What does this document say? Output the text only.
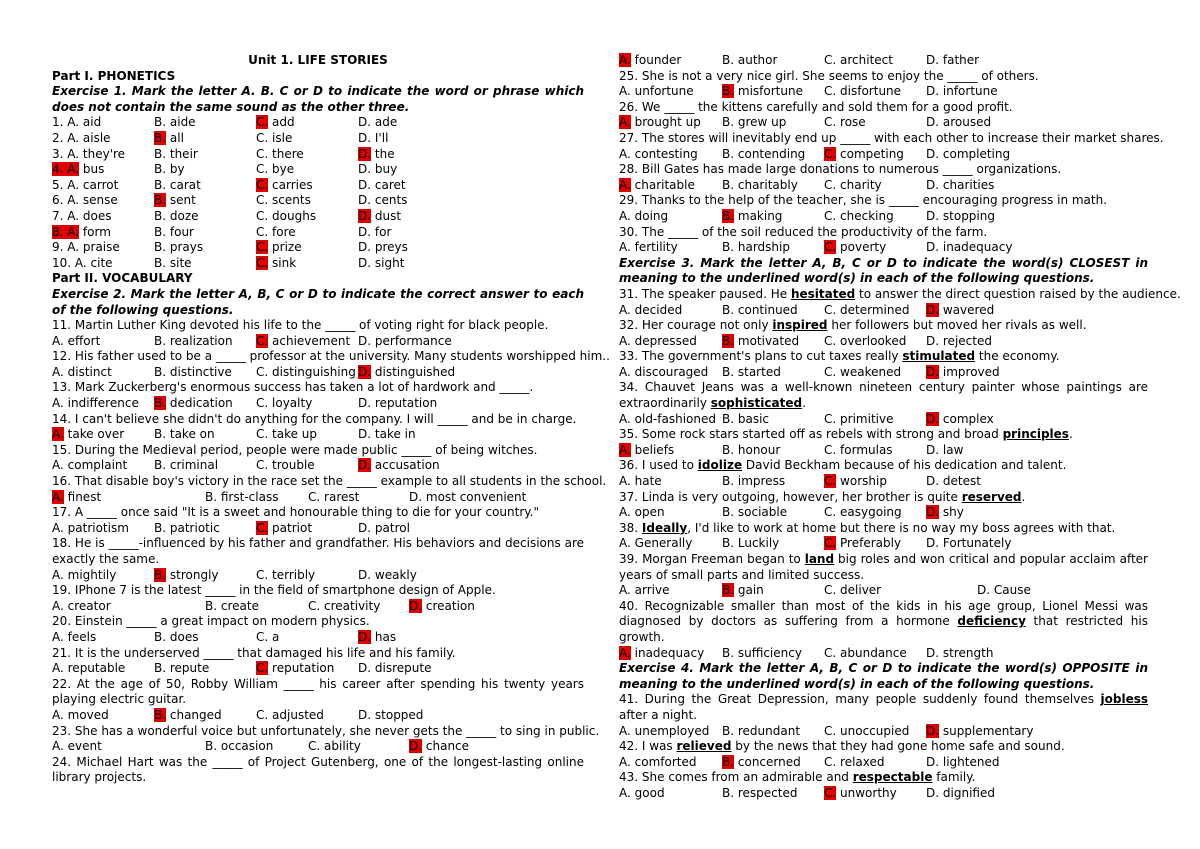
Unit 1. LIFE STORIES
Part I. PHONETICS
Exercise 1. Mark the letter A. B. C or D to indicate the word or phrase which does not contain the same sound as the other three.
1. A. aid	B. aide	C. add	D. ade
2. A. aisle	B. all	C. isle	D. I'll
3. A. they're B. their	C. there	D. the
4. A. bus	B. by	C. bye	D. buy
5. A. carrot	B. carat	C. carries	D. caret
6. A. sense	B. sent	C. scents	D. cents
7. A. does	B. doze	C. doughs	D. dust
8. A. form	B. four	C. fore	D. for
9. A. praise	B. prays	C. prize	D. preys
10. A. cite	B. site	C. sink	D. sight
Part II. VOCABULARY
Exercise 2. Mark the letter A, B, C or D to indicate the correct answer to each of the following questions.
11. Martin Luther King devoted his life to the _____ of voting right for black people.
A. effort	B. realization C. achievement D. performance
12. His father used to be a _____ professor at the university. Many students worshipped him..
A. distinct	B. distinctive C. distinguishing D. distinguished
13. Mark Zuckerberg's enormous success has taken a lot of hardwork and _____.
A. indifference B. dedication C. loyalty	D. reputation
14. I can't believe she didn't do anything for the company. I will _____ and be in charge.
A. take over B. take on	C. take up	D. take in
15. During the Medieval period, people were made public _____ of being witches.
A. complaint B. criminal	C. trouble	D. accusation
16. That disable boy's victory in the race set the _____ example to all students in the school.
A. finest	B. first-class C. rarest	D. most convenient
17. A _____ once said "It is a sweet and honourable thing to die for your country."
A. patriotism B. patriotic	C. patriot	D. patrol
18. He is _____-influenced by his father and grandfather. His behaviors and decisions are exactly the same.
A. mightily	B. strongly	C. terribly	D. weakly
19. IPhone 7 is the latest _____ in the field of smartphone design of Apple.
A. creator	B. create	C. creativity D. creation
20. Einstein _____ a great impact on modern physics.
A. feels	B. does	C. a	D. has
21. It is the underserved _____ that damaged his life and his family.
A. reputable B. repute	C. reputation D. disrepute
22. At the age of 50, Robby William _____ his career after spending his twenty years playing electric guitar.
A. moved	B. changed	C. adjusted	D. stopped
23. She has a wonderful voice but unfortunately, she never gets the _____ to sing in public.
A. event	B. occasion	C. ability	D. chance
24. Michael Hart was the _____ of Project Gutenberg, one of the longest-lasting online library projects.
A. founder	B. author	C. architect	D. father
25. She is not a very nice girl. She seems to enjoy the _____ of others.
A. unfortune B. misfortune C. disfortune D. infortune
26. We _____ the kittens carefully and sold them for a good profit.
A. brought up B. grew up	C. rose	D. aroused
27. The stores will inevitably end up _____ with each other to increase their market shares.
A. contesting B. contending C. competing D. completing
28. Bill Gates has made large donations to numerous _____ organizations.
A. charitable B. charitably C. charity	D. charities
29. Thanks to the help of the teacher, she is _____ encouraging progress in math.
A. doing	B. making	C. checking	D. stopping
30. The _____ of the soil reduced the productivity of the farm.
A. fertility	B. hardship	C. poverty	D. inadequacy
Exercise 3. Mark the letter A, B, C or D to indicate the word(s) CLOSEST in meaning to the underlined word(s) in each of the following questions.
31. The speaker paused. He hesitated to answer the direct question raised by the audience.
A. decided	B. continued C. determined D. wavered
32. Her courage not only inspired her followers but moved her rivals as well.
A. depressed B. motivated C. overlooked D. rejected
33. The government's plans to cut taxes really stimulated the economy.
A. discouraged B. started	C. weakened D. improved
34. Chauvet Jeans was a well-known nineteen century painter whose paintings are extraordinarily sophisticated.
A. old-fashioned B. basic	C. primitive	D. complex
35. Some rock stars started off as rebels with strong and broad principles.
A. beliefs	B. honour	C. formulas	D. law
36. I used to idolize David Beckham because of his dedication and talent.
A. hate	B. impress	C. worship	D. detest
37. Linda is very outgoing, however, her brother is quite reserved.
A. open	B. sociable	C. easygoing D. shy
38. Ideally, I'd like to work at home but there is no way my boss agrees with that.
A. Generally B. Luckily	C. Preferably D. Fortunately
39. Morgan Freeman began to land big roles and won critical and popular acclaim after years of small parts and limited success.
A. arrive	B. gain	C. deliver	D. Cause
40. Recognizable smaller than most of the kids in his age group, Lionel Messi was diagnosed by doctors as suffering from a hormone deficiency that restricted his growth.
A. inadequacy B. sufficiency C. abundance D. strength
Exercise 4. Mark the letter A, B, C or D to indicate the word(s) OPPOSITE in meaning to the underlined word(s) in each of the following questions.
41. During the Great Depression, many people suddenly found themselves jobless after a night.
A. unemployed B. redundant C. unoccupied D. supplementary
42. I was relieved by the news that they had gone home safe and sound.
A. comforted B. concerned C. relaxed	D. lightened
43. She comes from an admirable and respectable family.
A. good	B. respected C. unworthy D. dignified
